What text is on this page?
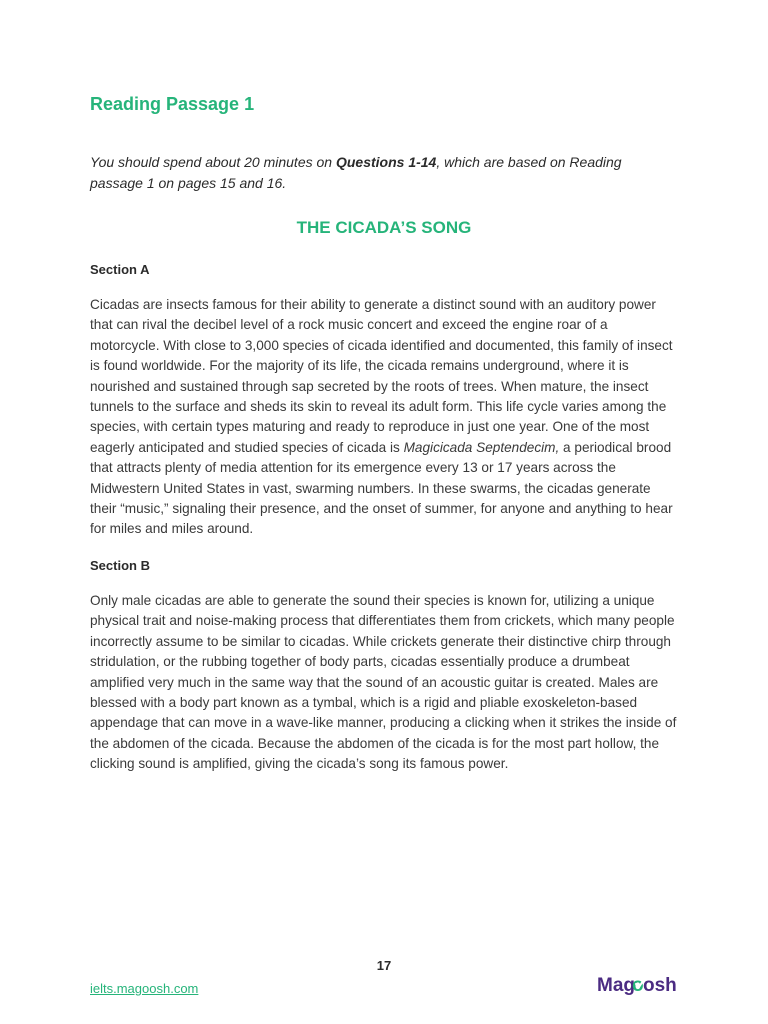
Reading Passage 1

You should spend about 20 minutes on Questions 1-14, which are based on Reading passage 1 on pages 15 and 16.

THE CICADA’S SONG
Section A

Cicadas are insects famous for their ability to generate a distinct sound with an auditory power that can rival the decibel level of a rock music concert and exceed the engine roar of a motorcycle. With close to 3,000 species of cicada identified and documented, this family of insect is found worldwide. For the majority of its life, the cicada remains underground, where it is nourished and sustained through sap secreted by the roots of trees. When mature, the insect tunnels to the surface and sheds its skin to reveal its adult form. This life cycle varies among the species, with certain types maturing and ready to reproduce in just one year. One of the most eagerly anticipated and studied species of cicada is Magicicada Septendecim, a periodical brood that attracts plenty of media attention for its emergence every 13 or 17 years across the Midwestern United States in vast, swarming numbers. In these swarms, the cicadas generate their “music,” signaling their presence, and the onset of summer, for anyone and anything to hear for miles and miles around.

Section B

Only male cicadas are able to generate the sound their species is known for, utilizing a unique physical trait and noise-making process that differentiates them from crickets, which many people incorrectly assume to be similar to cicadas. While crickets generate their distinctive chirp through stridulation, or the rubbing together of body parts, cicadas essentially produce a drumbeat amplified very much in the same way that the sound of an acoustic guitar is created. Males are blessed with a body part known as a tymbal, which is a rigid and pliable exoskeleton-based appendage that can move in a wave-like manner, producing a clicking when it strikes the inside of the abdomen of the cicada. Because the abdomen of the cicada is for the most part hollow, the clicking sound is amplified, giving the cicada’s song its famous power.

17
ielts.magoosh.com	Mag
o osh
